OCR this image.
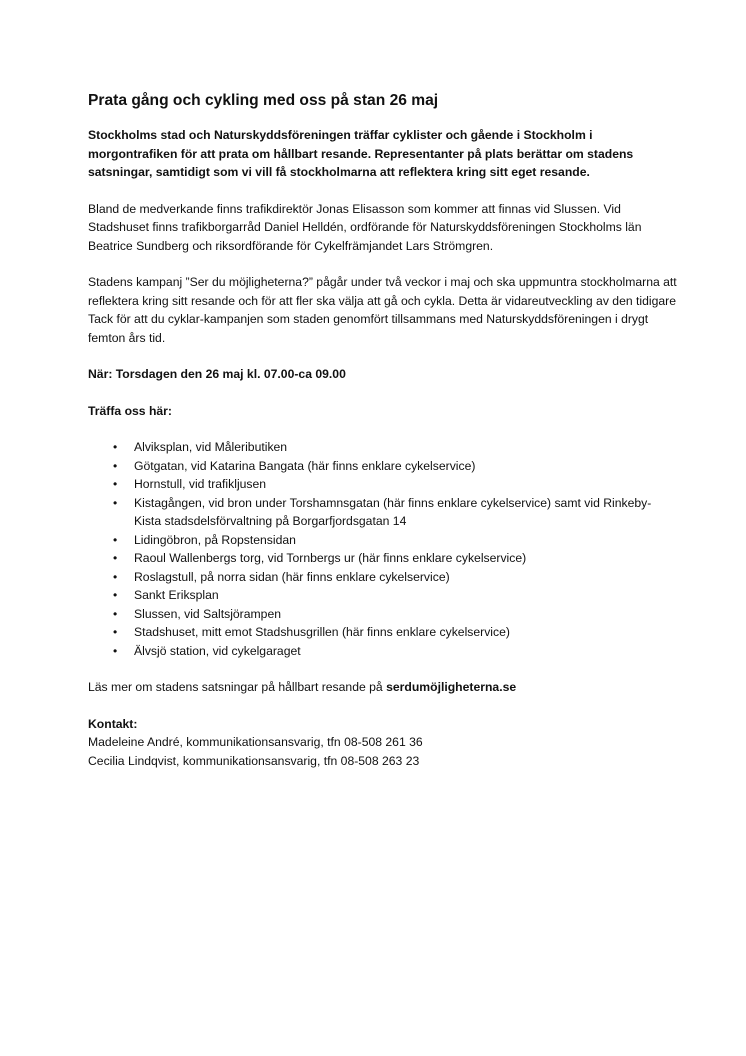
Prata gång och cykling med oss på stan 26 maj

Stockholms stad och Naturskyddsföreningen träffar cyklister och gående i Stockholm i morgontrafiken för att prata om hållbart resande. Representanter på plats berättar om stadens satsningar, samtidigt som vi vill få stockholmarna att reflektera kring sitt eget resande.

Bland de medverkande finns trafikdirektör Jonas Elisasson som kommer att finnas vid Slussen. Vid Stadshuset finns trafikborgarråd Daniel Helldén, ordförande för Naturskyddsföreningen Stockholms län Beatrice Sundberg och riksordförande för Cykelfrämjandet Lars Strömgren.

Stadens kampanj ”Ser du möjligheterna?” pågår under två veckor i maj och ska uppmuntra stockholmarna att reflektera kring sitt resande och för att fler ska välja att gå och cykla. Detta är vidareutveckling av den tidigare Tack för att du cyklar-kampanjen som staden genomfört tillsammans med Naturskyddsföreningen i drygt femton års tid.

När: Torsdagen den 26 maj kl. 07.00-ca 09.00

Träffa oss här:

• Alviksplan, vid Måleributiken
• Götgatan, vid Katarina Bangata (här finns enklare cykelservice)
• Hornstull, vid trafikljusen
• Kistagången, vid bron under Torshamnsgatan (här finns enklare cykelservice) samt vid Rinkeby-Kista stadsdelsförvaltning på Borgarfjordsgatan 14
• Lidingöbron, på Ropstensidan
• Raoul Wallenbergs torg, vid Tornbergs ur (här finns enklare cykelservice)
• Roslagstull, på norra sidan (här finns enklare cykelservice)
• Sankt Eriksplan
• Slussen, vid Saltsjörampen
• Stadshuset, mitt emot Stadshusgrillen (här finns enklare cykelservice)
• Älvsjö station, vid cykelgaraget

Läs mer om stadens satsningar på hållbart resande på serdumöjligheterna.se

Kontakt:
Madeleine André, kommunikationsansvarig, tfn 08-508 261 36
Cecilia Lindqvist, kommunikationsansvarig, tfn 08-508 263 23
